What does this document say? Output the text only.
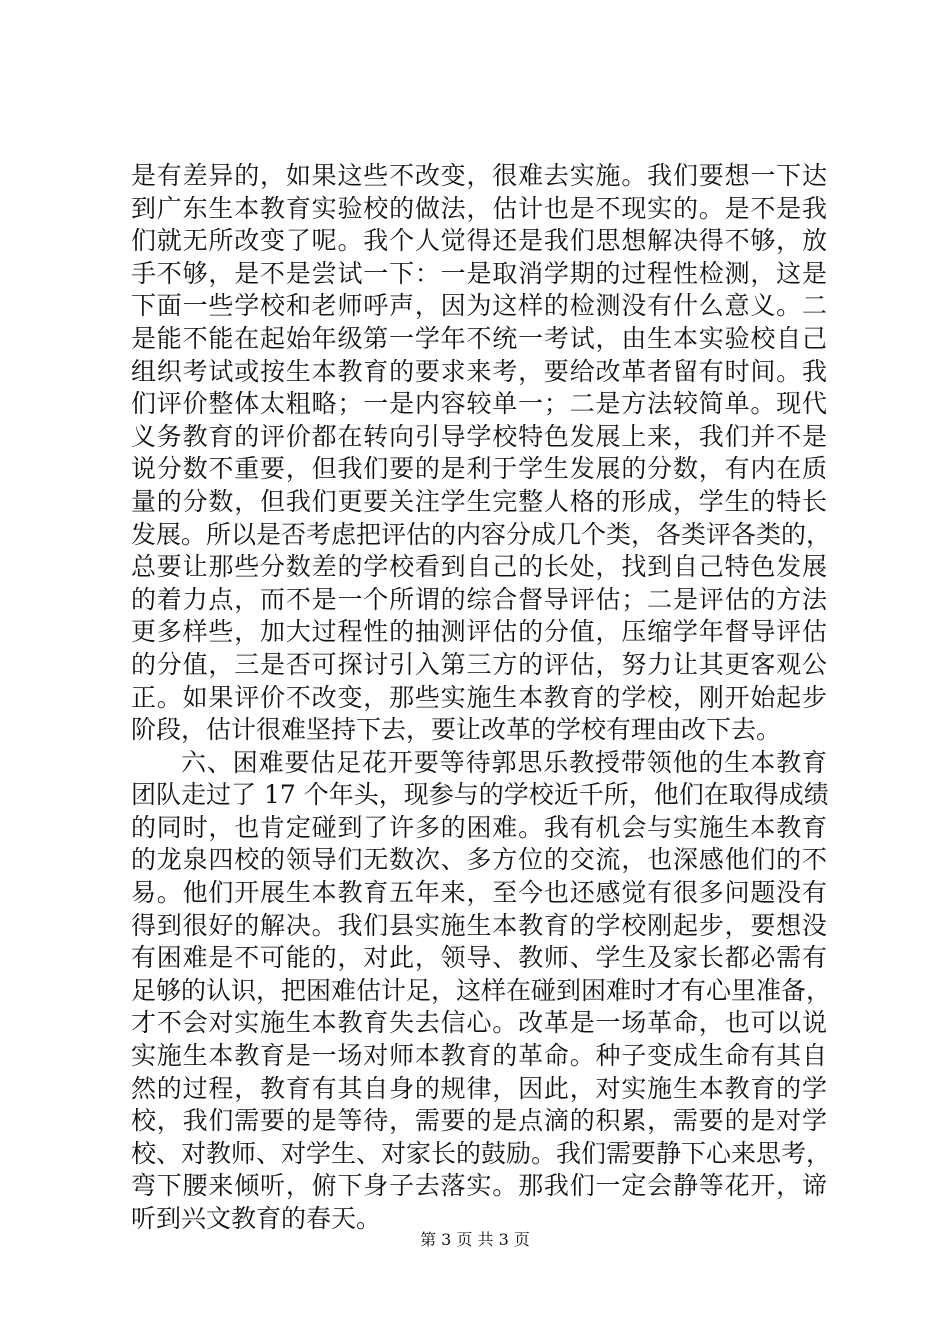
是有差异的，如果这些不改变，很难去实施。我们要想一下达
到广东生本教育实验校的做法，估计也是不现实的。是不是我
们就无所改变了呢。我个人觉得还是我们思想解决得不够，放
手不够，是不是尝试一下：一是取消学期的过程性检测，这是
下面一些学校和老师呼声，因为这样的检测没有什么意义。二
是能不能在起始年级第一学年不统一考试，由生本实验校自己
组织考试或按生本教育的要求来考，要给改革者留有时间。我
们评价整体太粗略；一是内容较单一；二是方法较简单。现代
义务教育的评价都在转向引导学校特色发展上来，我们并不是
说分数不重要，但我们要的是利于学生发展的分数，有内在质
量的分数，但我们更要关注学生完整人格的形成，学生的特长
发展。所以是否考虑把评估的内容分成几个类，各类评各类的，
总要让那些分数差的学校看到自己的长处，找到自己特色发展
的着力点，而不是一个所谓的综合督导评估；二是评估的方法
更多样些，加大过程性的抽测评估的分值，压缩学年督导评估
的分值，三是否可探讨引入第三方的评估，努力让其更客观公
正。如果评价不改变，那些实施生本教育的学校，刚开始起步
阶段，估计很难坚持下去，要让改革的学校有理由改下去。
六、困难要估足花开要等待郭思乐教授带领他的生本教育
团队走过了 17 个年头，现参与的学校近千所，他们在取得成绩
的同时，也肯定碰到了许多的困难。我有机会与实施生本教育
的龙泉四校的领导们无数次、多方位的交流，也深感他们的不
易。他们开展生本教育五年来，至今也还感觉有很多问题没有
得到很好的解决。我们县实施生本教育的学校刚起步，要想没
有困难是不可能的，对此，领导、教师、学生及家长都必需有
足够的认识，把困难估计足，这样在碰到困难时才有心里准备，
才不会对实施生本教育失去信心。改革是一场革命，也可以说
实施生本教育是一场对师本教育的革命。种子变成生命有其自
然的过程，教育有其自身的规律，因此，对实施生本教育的学
校，我们需要的是等待，需要的是点滴的积累，需要的是对学
校、对教师、对学生、对家长的鼓励。我们需要静下心来思考，
弯下腰来倾听，俯下身子去落实。那我们一定会静等花开，谛
听到兴文教育的春天。
第 3 页 共 3 页
